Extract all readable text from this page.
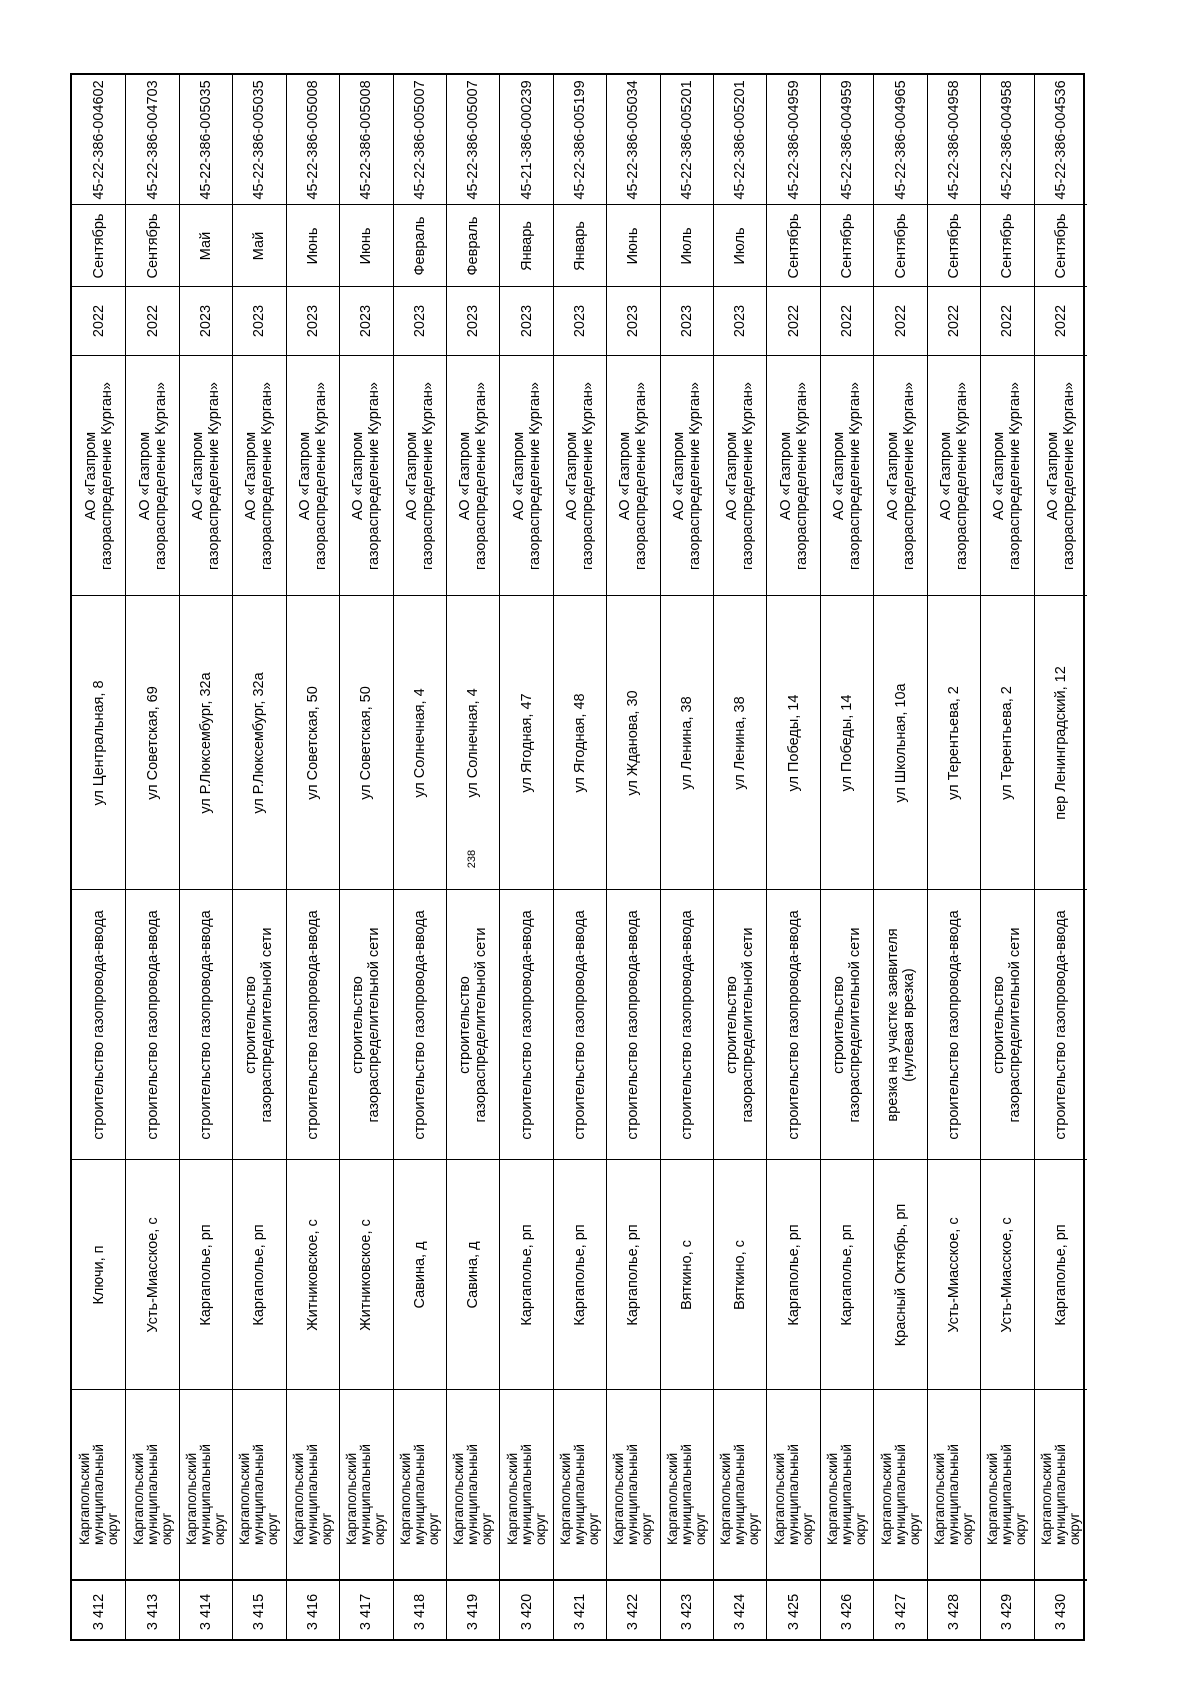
238
45-22-386-004602
Сентябрь
2022
АО «Газпром газораспределение Курган»
ул Центральная, 8
строительство газопровода-ввода
Ключи, п
Каргапольский муниципальный округ
3 412
45-22-386-004703
Сентябрь
2022
АО «Газпром газораспределение Курган»
ул Советская, 69
строительство газопровода-ввода
Усть-Миасское, с
Каргапольский муниципальный округ
3 413
45-22-386-005035
Май
2023
АО «Газпром газораспределение Курган»
ул Р.Люксембург, 32а
строительство газопровода-ввода
Каргаполье, рп
Каргапольский муниципальный округ
3 414
45-22-386-005035
Май
2023
АО «Газпром газораспределение Курган»
ул Р.Люксембург, 32а
строительство газораспределительной сети
Каргаполье, рп
Каргапольский муниципальный округ
3 415
45-22-386-005008
Июнь
2023
АО «Газпром газораспределение Курган»
ул Советская, 50
строительство газопровода-ввода
Житниковское, с
Каргапольский муниципальный округ
3 416
45-22-386-005008
Июнь
2023
АО «Газпром газораспределение Курган»
ул Советская, 50
строительство газораспределительной сети
Житниковское, с
Каргапольский муниципальный округ
3 417
45-22-386-005007
Февраль
2023
АО «Газпром газораспределение Курган»
ул Солнечная, 4
строительство газопровода-ввода
Савина, д
Каргапольский муниципальный округ
3 418
45-22-386-005007
Февраль
2023
АО «Газпром газораспределение Курган»
ул Солнечная, 4
строительство газораспределительной сети
Савина, д
Каргапольский муниципальный округ
3 419
45-21-386-000239
Январь
2023
АО «Газпром газораспределение Курган»
ул Ягодная, 47
строительство газопровода-ввода
Каргаполье, рп
Каргапольский муниципальный округ
3 420
45-22-386-005199
Январь
2023
АО «Газпром газораспределение Курган»
ул Ягодная, 48
строительство газопровода-ввода
Каргаполье, рп
Каргапольский муниципальный округ
3 421
45-22-386-005034
Июнь
2023
АО «Газпром газораспределение Курган»
ул Жданова, 30
строительство газопровода-ввода
Каргаполье, рп
Каргапольский муниципальный округ
3 422
45-22-386-005201
Июль
2023
АО «Газпром газораспределение Курган»
ул Ленина, 38
строительство газопровода-ввода
Вяткино, с
Каргапольский муниципальный округ
3 423
45-22-386-005201
Июль
2023
АО «Газпром газораспределение Курган»
ул Ленина, 38
строительство газораспределительной сети
Вяткино, с
Каргапольский муниципальный округ
3 424
45-22-386-004959
Сентябрь
2022
АО «Газпром газораспределение Курган»
ул Победы, 14
строительство газопровода-ввода
Каргаполье, рп
Каргапольский муниципальный округ
3 425
45-22-386-004959
Сентябрь
2022
АО «Газпром газораспределение Курган»
ул Победы, 14
строительство газораспределительной сети
Каргаполье, рп
Каргапольский муниципальный округ
3 426
45-22-386-004965
Сентябрь
2022
АО «Газпром газораспределение Курган»
ул Школьная, 10а
врезка на участке заявителя (нулевая врезка)
Красный Октябрь, рп
Каргапольский муниципальный округ
3 427
45-22-386-004958
Сентябрь
2022
АО «Газпром газораспределение Курган»
ул Терентьева, 2
строительство газопровода-ввода
Усть-Миасское, с
Каргапольский муниципальный округ
3 428
45-22-386-004958
Сентябрь
2022
АО «Газпром газораспределение Курган»
ул Терентьева, 2
строительство газораспределительной сети
Усть-Миасское, с
Каргапольский муниципальный округ
3 429
45-22-386-004536
Сентябрь
2022
АО «Газпром газораспределение Курган»
пер Ленинградский, 12
строительство газопровода-ввода
Каргаполье, рп
Каргапольский муниципальный округ
3 430
